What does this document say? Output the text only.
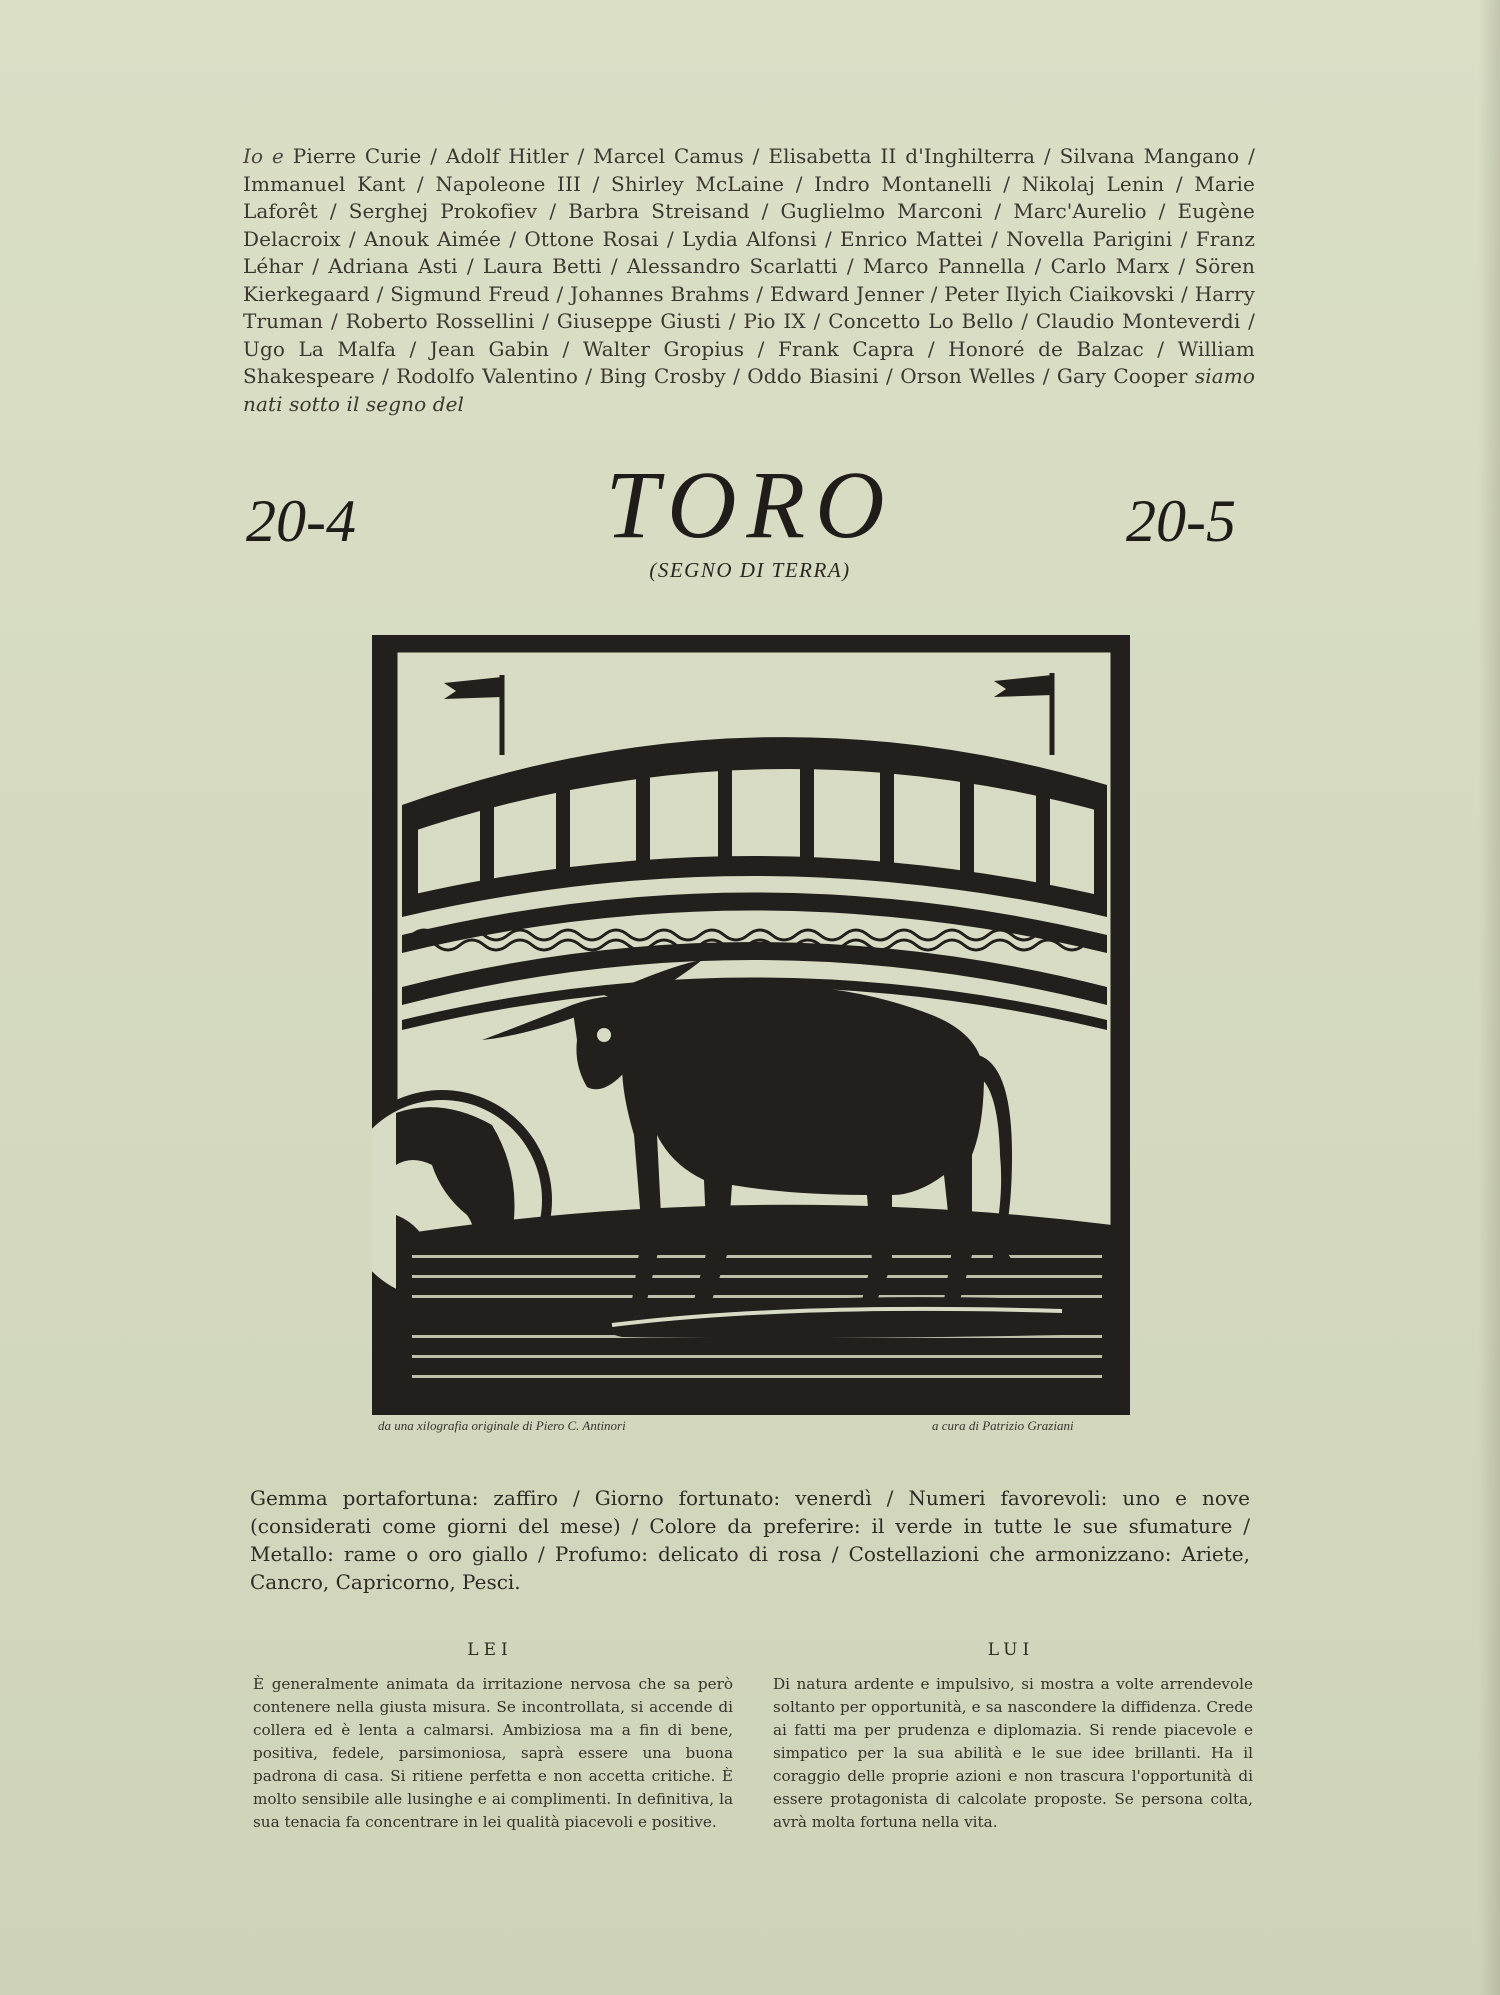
Io e Pierre Curie / Adolf Hitler / Marcel Camus / Elisabetta II d'Inghilterra / Silvana Mangano / Immanuel Kant / Napoleone III / Shirley McLaine / Indro Montanelli / Nikolaj Lenin / Marie Laforêt / Serghej Prokofiev / Barbra Streisand / Guglielmo Marconi / Marc'Aurelio / Eugène Delacroix / Anouk Aimée / Ottone Rosai / Lydia Alfonsi / Enrico Mattei / Novella Parigini / Franz Léhar / Adriana Asti / Laura Betti / Alessandro Scarlatti / Marco Pannella / Carlo Marx / Sören Kierkegaard / Sigmund Freud / Johannes Brahms / Edward Jenner / Peter Ilyich Ciaikovski / Harry Truman / Roberto Rossellini / Giuseppe Giusti / Pio IX / Concetto Lo Bello / Claudio Monteverdi / Ugo La Malfa / Jean Gabin / Walter Gropius / Frank Capra / Honoré de Balzac / William Shakespeare / Rodolfo Valentino / Bing Crosby / Oddo Biasini / Orson Welles / Gary Cooper siamo nati sotto il segno del

20-4	TORO	20-5
(SEGNO DI TERRA)
da una xilografia originale di Piero C. Antinori	a cura di Patrizio Graziani

Gemma portafortuna: zaffiro / Giorno fortunato: venerdì / Numeri favorevoli: uno e nove (considerati come giorni del mese) / Colore da preferire: il verde in tutte le sue sfumature / Metallo: rame o oro giallo / Profumo: delicato di rosa / Costellazioni che armonizzano: Ariete, Cancro, Capricorno, Pesci.

LEI	LUI

È generalmente animata da irritazione nervosa che sa però contenere nella giusta misura. Se incontrollata, si accende di collera ed è lenta a calmarsi. Ambiziosa ma a fin di bene, positiva, fedele, parsimoniosa, saprà essere una buona padrona di casa. Si ritiene perfetta e non accetta critiche. È molto sensibile alle lusinghe e ai complimenti. In definitiva, la sua tenacia fa concentrare in lei qualità piacevoli e positive.

Di natura ardente e impulsivo, si mostra a volte arrendevole soltanto per opportunità, e sa nascondere la diffidenza. Crede ai fatti ma per prudenza e diplomazia. Si rende piacevole e simpatico per la sua abilità e le sue idee brillanti. Ha il coraggio delle proprie azioni e non trascura l'opportunità di essere protagonista di calcolate proposte. Se persona colta, avrà molta fortuna nella vita.
